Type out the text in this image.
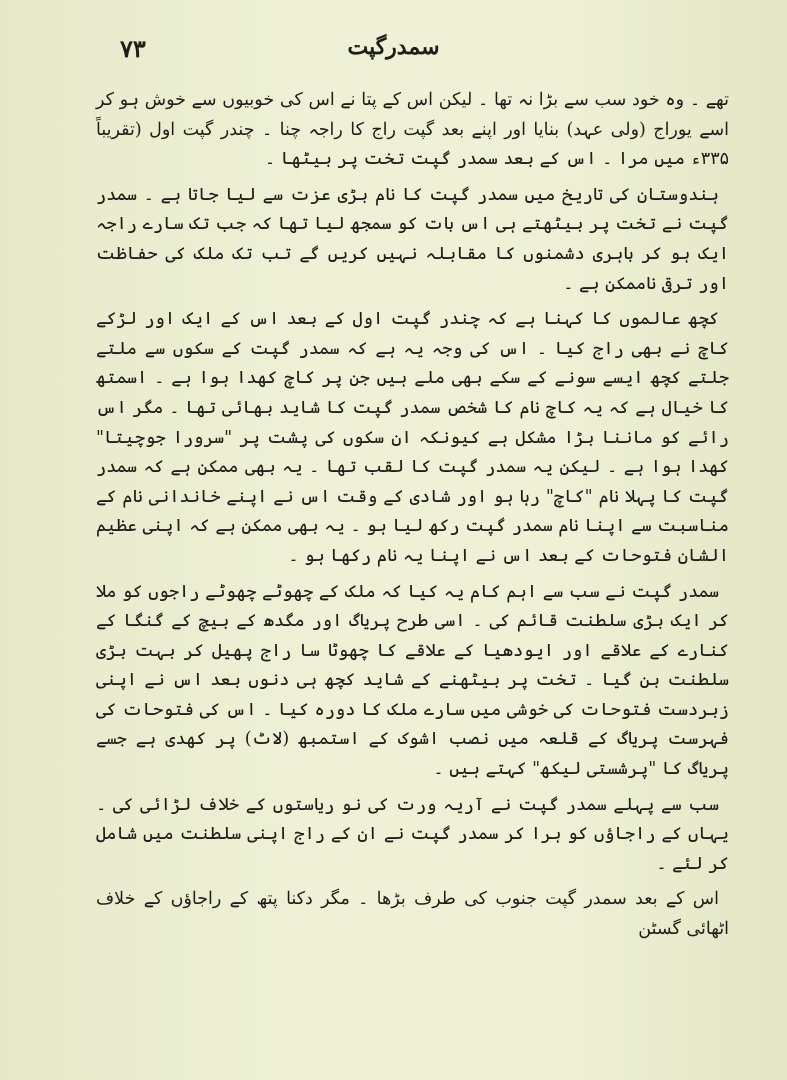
٧٣	سمدرگپت

تھے ۔ وہ خود سب سے بڑا نہ تھا ۔ لیکن اس کے پتا نے اس کی خوبیوں سے خوش ہو کر اسے یوراج (ولی عہد) بنایا اور اپنے بعد گپت راج کا راجہ چنا ۔ چندر گپت اول (تقریباً ۳۳۵ء میں مرا ۔ اس کے بعد سمدر گپت تخت پر بیٹھا ۔

ہندوستان کی تاریخ میں سمدر گپت کا نام بڑی عزت سے لیا جاتا ہے ۔ سمدر گپت نے تخت پر بیٹھتے ہی اس بات کو سمجھ لیا تھا کہ جب تک سارے راجہ ایک ہو کر باہری دشمنوں کا مقابلہ نہیں کریں گے تب تک ملک کی حفاظت اور ترقی ناممکن ہے ۔

کچھ عالموں کا کہنا ہے کہ چندر گپت اول کے بعد اس کے ایک اور لڑکے کاچ نے بھی راج کیا ۔ اس کی وجہ یہ ہے کہ سمدر گپت کے سکوں سے ملتے جلتے کچھ ایسے سونے کے سکے بھی ملے ہیں جن پر کاچ کھدا ہوا ہے ۔ اسمتھ کا خیال ہے کہ یہ کاچ نام کا شخص سمدر گپت کا شاید بھائی تھا ۔ مگر اس رائے کو ماننا بڑا مشکل ہے کیونکہ ان سکوں کی پشت پر "سرورا جوچیتا" کھدا ہوا ہے ۔ لیکن یہ سمدر گپت کا لقب تھا ۔ یہ بھی ممکن ہے کہ سمدر گپت کا پہلا نام "کاچ" رہا ہو اور شادی کے وقت اس نے اپنے خاندانی نام کے مناسبت سے اپنا نام سمدر گپت رکھ لیا ہو ۔ یہ بھی ممکن ہے کہ اپنی عظیم الشان فتوحات کے بعد اس نے اپنا یہ نام رکھا ہو ۔

سمدر گپت نے سب سے اہم کام یہ کیا کہ ملک کے چھوٹے چھوٹے راجوں کو ملا کر ایک بڑی سلطنت قائم کی ۔ اسی طرح پریاگ اور مگدھ کے بیچ کے گنگا کے کنارے کے علاقے اور ایودھیا کے علاقے کا چھوٹا سا راج پھیل کر بہت بڑی سلطنت بن گیا ۔ تخت پر بیٹھنے کے شاید کچھ ہی دنوں بعد اس نے اپنی زبردست فتوحات کی خوشی میں سارے ملک کا دورہ کیا ۔ اس کی فتوحات کی فہرست پریاگ کے قلعہ میں نصب اشوک کے استمبھ (لاٹ) پر کھدی ہے جسے پریاگ کا "پرشستی لیکھ" کہتے ہیں ۔

سب سے پہلے سمدر گپت نے آریہ ورت کی نو ریاستوں کے خلاف لڑائی کی ۔ یہاں کے راجاؤں کو ہرا کر سمدر گپت نے ان کے راج اپنی سلطنت میں شامل کر لئے ۔

اس کے بعد سمدر گپت جنوب کی طرف بڑھا ۔ مگر دکنا پتھ کے راجاؤں کے خلاف اٹھائی گسٹن
